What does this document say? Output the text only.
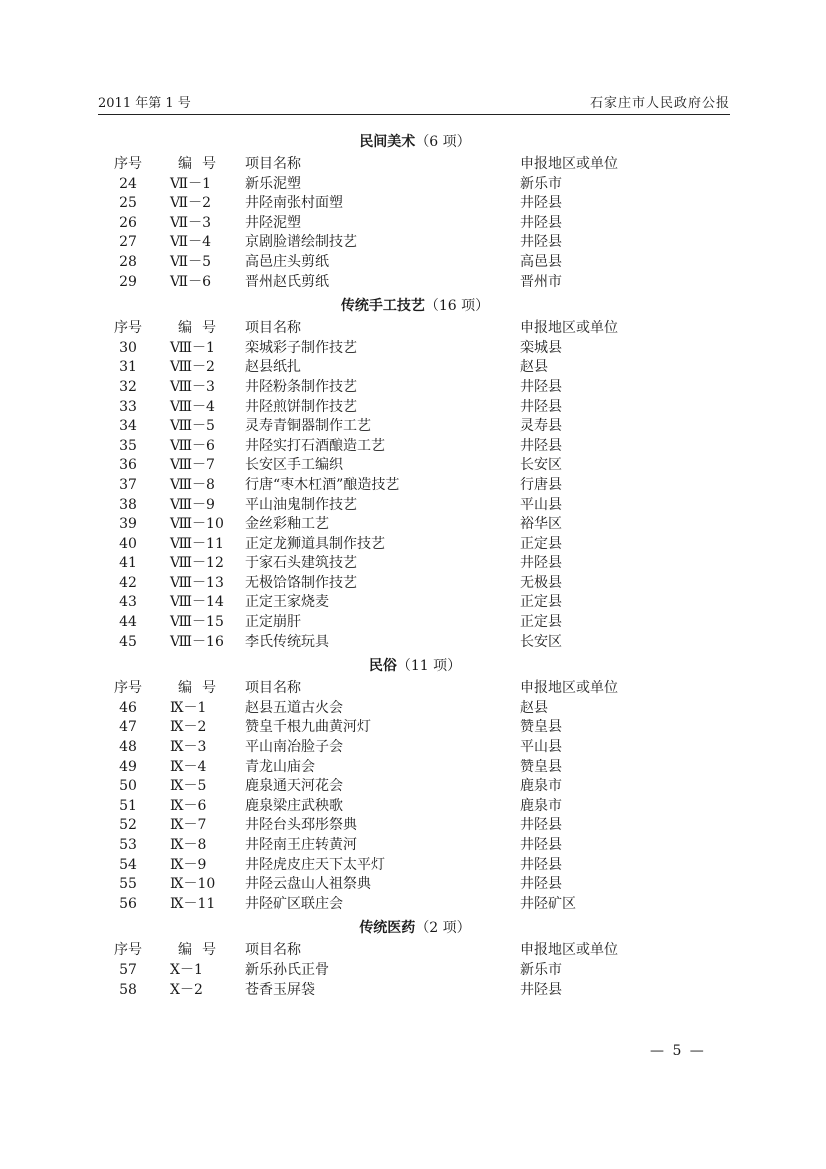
2011 年第 1 号	石家庄市人民政府公报
民间美术（6 项）
序号	编号	项目名称	申报地区或单位
24	Ⅶ－1	新乐泥塑	新乐市
25	Ⅶ－2	井陉南张村面塑	井陉县
26	Ⅶ－3	井陉泥塑	井陉县
27	Ⅶ－4	京剧脸谱绘制技艺	井陉县
28	Ⅶ－5	高邑庄头剪纸	高邑县
29	Ⅶ－6	晋州赵氏剪纸	晋州市
传统手工技艺（16 项）
序号	编号	项目名称	申报地区或单位
30	Ⅷ－1	栾城彩子制作技艺	栾城县
31	Ⅷ－2	赵县纸扎	赵县
32	Ⅷ－3	井陉粉条制作技艺	井陉县
33	Ⅷ－4	井陉煎饼制作技艺	井陉县
34	Ⅷ－5	灵寿青铜器制作工艺	灵寿县
35	Ⅷ－6	井陉实打石酒酿造工艺	井陉县
36	Ⅷ－7	长安区手工编织	长安区
37	Ⅷ－8	行唐“枣木杠酒”酿造技艺	行唐县
38	Ⅷ－9	平山油鬼制作技艺	平山县
39	Ⅷ－10	金丝彩釉工艺	裕华区
40	Ⅷ－11	正定龙狮道具制作技艺	正定县
41	Ⅷ－12	于家石头建筑技艺	井陉县
42	Ⅷ－13	无极饸饹制作技艺	无极县
43	Ⅷ－14	正定王家烧麦	正定县
44	Ⅷ－15	正定崩肝	正定县
45	Ⅷ－16	李氏传统玩具	长安区
民俗（11 项）
序号	编号	项目名称	申报地区或单位
46	Ⅸ－1	赵县五道古火会	赵县
47	Ⅸ－2	赞皇千根九曲黄河灯	赞皇县
48	Ⅸ－3	平山南冶脸子会	平山县
49	Ⅸ－4	青龙山庙会	赞皇县
50	Ⅸ－5	鹿泉通天河花会	鹿泉市
51	Ⅸ－6	鹿泉梁庄武秧歌	鹿泉市
52	Ⅸ－7	井陉台头邳彤祭典	井陉县
53	Ⅸ－8	井陉南王庄转黄河	井陉县
54	Ⅸ－9	井陉虎皮庄天下太平灯	井陉县
55	Ⅸ－10	井陉云盘山人祖祭典	井陉县
56	Ⅸ－11	井陉矿区联庄会	井陉矿区
传统医药（2 项）
序号	编号	项目名称	申报地区或单位
57	Ⅹ－1	新乐孙氏正骨	新乐市
58	Ⅹ－2	苍香玉屏袋	井陉县
— 5 —
